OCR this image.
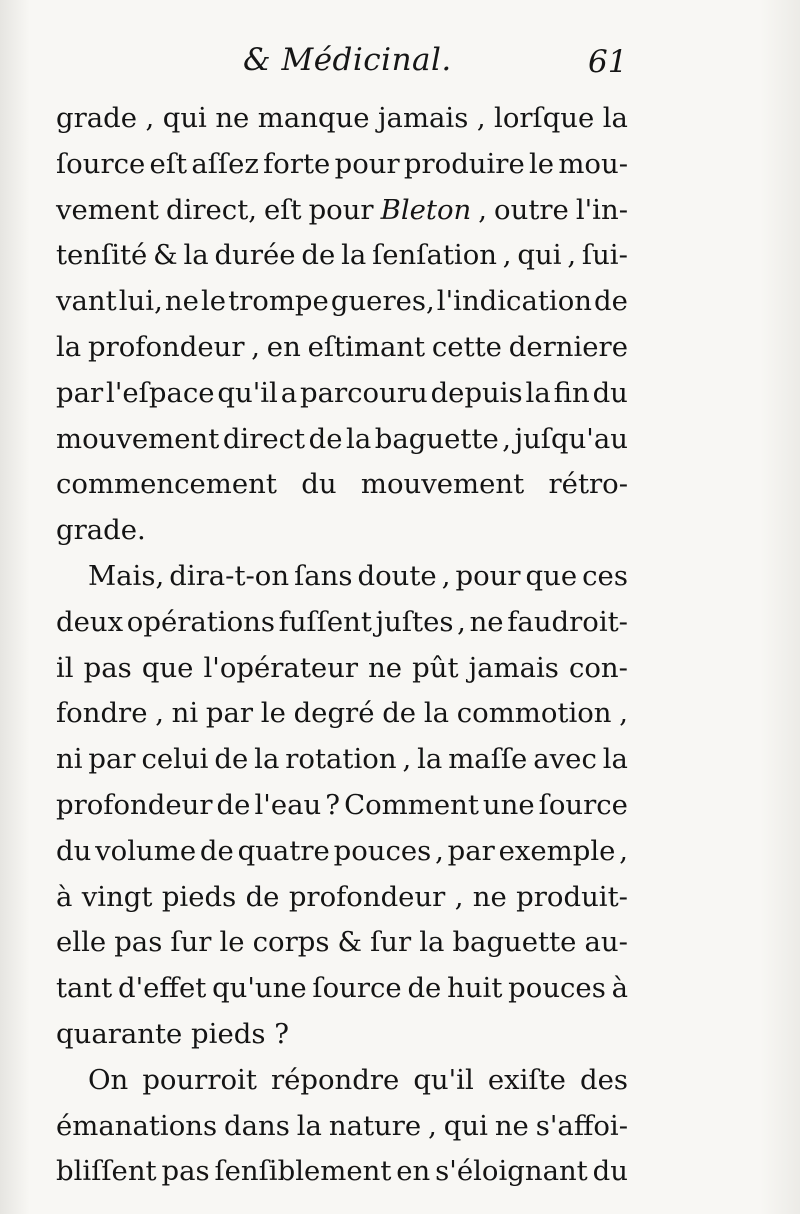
& Médicinal.	61
grade , qui ne manque jamais , lorſque la
ſource eſt aſſez forte pour produire le mou-
vement direct, eſt pour Bleton , outre l'in-
tenſité & la durée de la ſenſation , qui , ſui-
vant lui, ne le trompe gueres, l'indication de
la profondeur , en eſtimant cette derniere
par l'eſpace qu'il a parcouru depuis la fin du
mouvement direct de la baguette , juſqu'au
commencement du mouvement rétro-
grade.
Mais, dira-t-on ſans doute , pour que ces
deux opérations fuſſent juſtes , ne faudroit-
il pas que l'opérateur ne pût jamais con-
fondre , ni par le degré de la commotion ,
ni par celui de la rotation , la maſſe avec la
profondeur de l'eau ? Comment une ſource
du volume de quatre pouces , par exemple ,
à vingt pieds de profondeur , ne produit-
elle pas ſur le corps & ſur la baguette au-
tant d'effet qu'une ſource de huit pouces à
quarante
pieds
?
On pourroit répondre qu'il exiſte des
émanations dans la nature , qui ne s'affoi-
bliſſent pas ſenſiblement en s'éloignant du
